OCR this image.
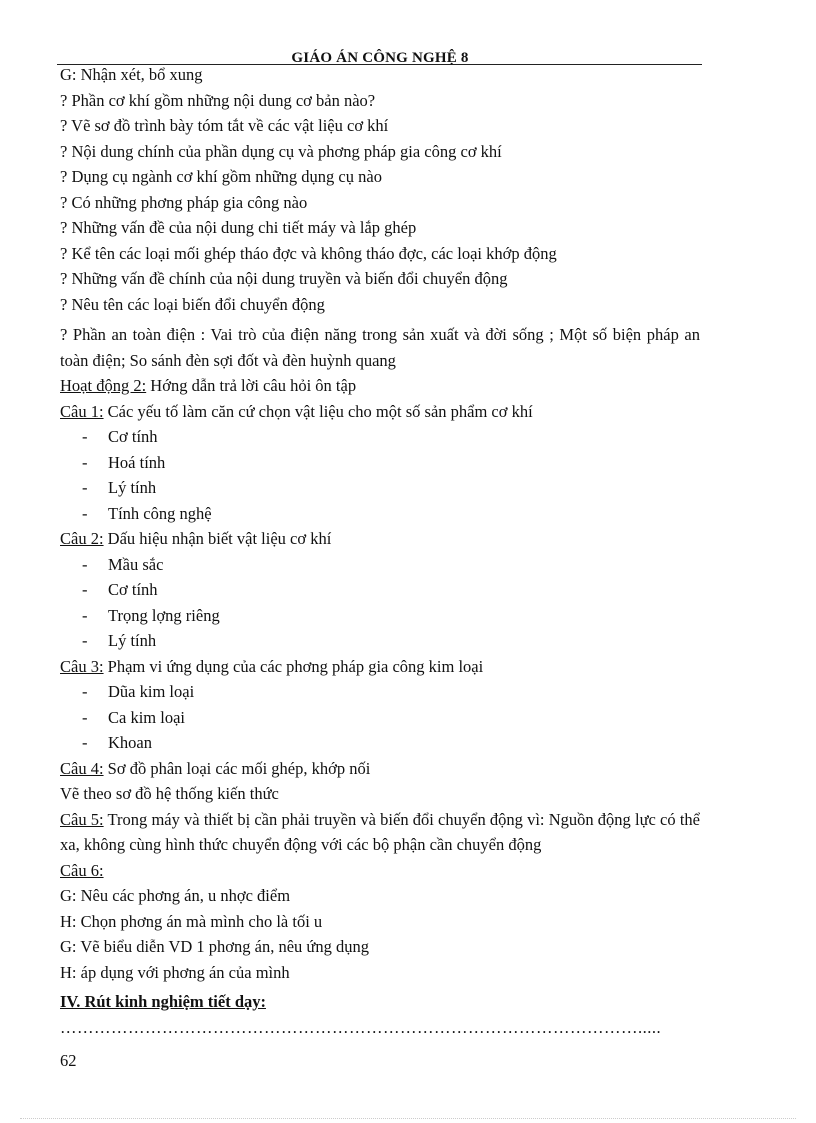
GIÁO ÁN CÔNG NGHỆ 8
G: Nhận xét, bổ xung
? Phần cơ khí gồm những nội dung cơ bản nào?
? Vẽ sơ đồ trình bày tóm tắt về các vật liệu cơ khí
? Nội dung chính của phần dụng cụ và phơng pháp gia công cơ khí
? Dụng cụ ngành cơ khí gồm những dụng cụ nào
? Có những phơng pháp gia công nào
? Những vấn đề của nội dung chi tiết máy và lắp ghép
? Kể tên các loại mối ghép tháo đợc và không tháo đợc, các loại khớp động
? Những vấn đề chính của nội dung truyền và biến đổi chuyển động
? Nêu tên các loại biến đổi chuyển động
? Phần an toàn điện : Vai trò của điện năng trong sản xuất và đời sống ; Một số biện pháp an toàn điện; So sánh đèn sợi đốt và đèn huỳnh quang
Hoạt động 2: Hớng dẫn trả lời câu hỏi ôn tập
Câu 1: Các yếu tố làm căn cứ chọn vật liệu cho một số sản phẩm cơ khí
- Cơ tính
- Hoá tính
- Lý tính
- Tính công nghệ
Câu 2: Dấu hiệu nhận biết vật liệu cơ khí
- Mầu sắc
- Cơ tính
- Trọng lợng riêng
- Lý tính
Câu 3: Phạm vi ứng dụng của các phơng pháp gia công kim loại
- Dũa kim loại
- Ca kim loại
- Khoan
Câu 4: Sơ đồ phân loại các mối ghép, khớp nối
Vẽ theo sơ đồ hệ thống kiến thức
Câu 5: Trong máy và thiết bị cần phải truyền và biến đổi chuyển động vì: Nguồn động lực có thể xa, không cùng hình thức chuyển động với các bộ phận cần chuyển động
Câu 6:
G: Nêu các phơng án, u nhợc điểm
H: Chọn phơng án mà mình cho là tối u
G: Vẽ biểu diễn VD 1 phơng án, nêu ứng dụng
H: áp dụng với phơng án của mình
IV. Rút kinh nghiệm tiết dạy:
………………………………………………………………………………………….....
62
